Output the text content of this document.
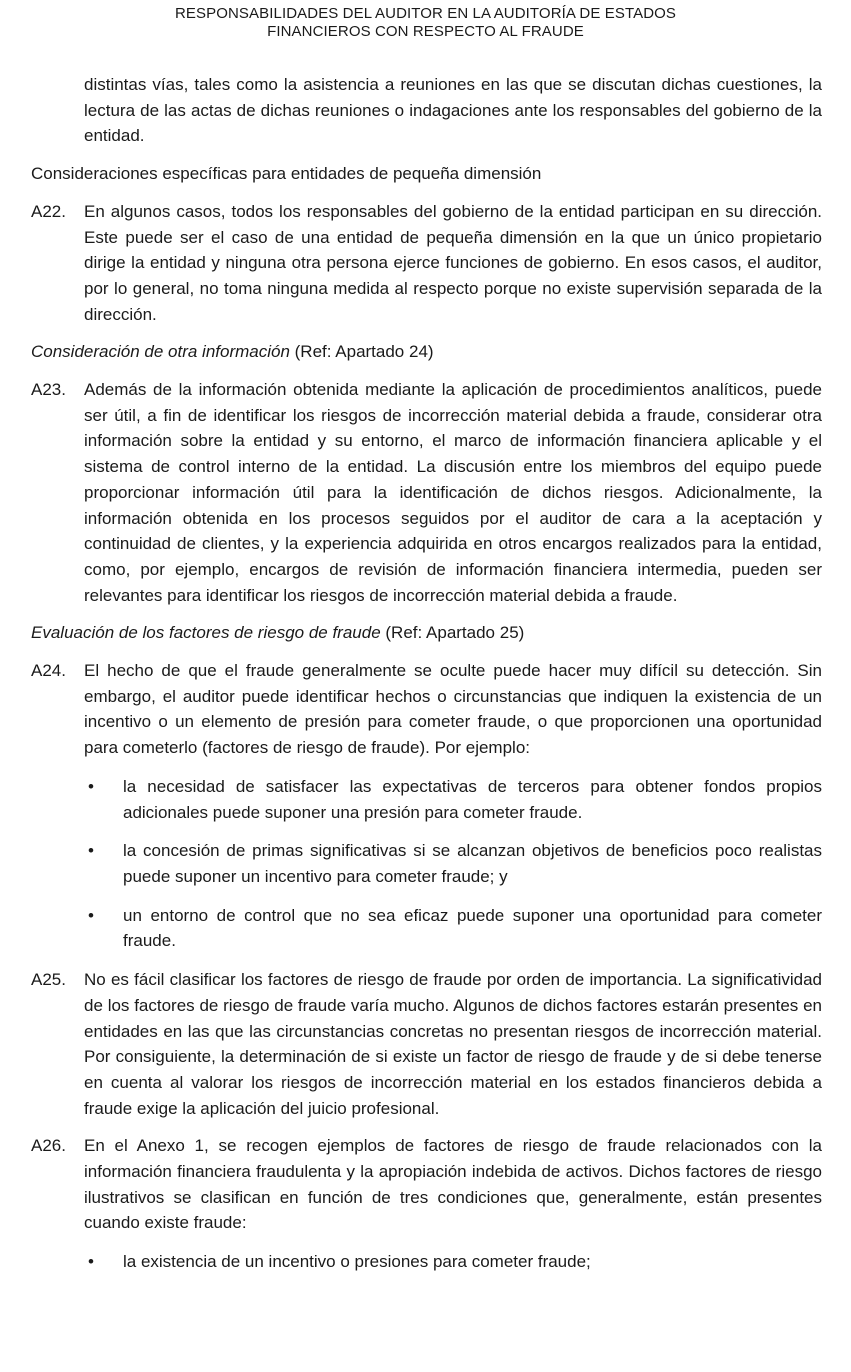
RESPONSABILIDADES DEL AUDITOR EN LA AUDITORÍA DE ESTADOS
FINANCIEROS CON RESPECTO AL FRAUDE

distintas vías, tales como la asistencia a reuniones en las que se discutan dichas cuestiones, la lectura de las actas de dichas reuniones o indagaciones ante los responsables del gobierno de la entidad.

Consideraciones específicas para entidades de pequeña dimensión

A22. En algunos casos, todos los responsables del gobierno de la entidad participan en su dirección. Este puede ser el caso de una entidad de pequeña dimensión en la que un único propietario dirige la entidad y ninguna otra persona ejerce funciones de gobierno. En esos casos, el auditor, por lo general, no toma ninguna medida al respecto porque no existe supervisión separada de la dirección.

Consideración de otra información (Ref: Apartado 24)

A23. Además de la información obtenida mediante la aplicación de procedimientos analíticos, puede ser útil, a fin de identificar los riesgos de incorrección material debida a fraude, considerar otra información sobre la entidad y su entorno, el marco de información financiera aplicable y el sistema de control interno de la entidad. La discusión entre los miembros del equipo puede proporcionar información útil para la identificación de dichos riesgos. Adicionalmente, la información obtenida en los procesos seguidos por el auditor de cara a la aceptación y continuidad de clientes, y la experiencia adquirida en otros encargos realizados para la entidad, como, por ejemplo, encargos de revisión de información financiera intermedia, pueden ser relevantes para identificar los riesgos de incorrección material debida a fraude.

Evaluación de los factores de riesgo de fraude (Ref: Apartado 25)

A24. El hecho de que el fraude generalmente se oculte puede hacer muy difícil su detección. Sin embargo, el auditor puede identificar hechos o circunstancias que indiquen la existencia de un incentivo o un elemento de presión para cometer fraude, o que proporcionen una oportunidad para cometerlo (factores de riesgo de fraude). Por ejemplo:
• la necesidad de satisfacer las expectativas de terceros para obtener fondos propios adicionales puede suponer una presión para cometer fraude.
• la concesión de primas significativas si se alcanzan objetivos de beneficios poco realistas puede suponer un incentivo para cometer fraude; y
• un entorno de control que no sea eficaz puede suponer una oportunidad para cometer fraude.
A25. No es fácil clasificar los factores de riesgo de fraude por orden de importancia. La significatividad de los factores de riesgo de fraude varía mucho. Algunos de dichos factores estarán presentes en entidades en las que las circunstancias concretas no presentan riesgos de incorrección material. Por consiguiente, la determinación de si existe un factor de riesgo de fraude y de si debe tenerse en cuenta al valorar los riesgos de incorrección material en los estados financieros debida a fraude exige la aplicación del juicio profesional.
A26. En el Anexo 1, se recogen ejemplos de factores de riesgo de fraude relacionados con la información financiera fraudulenta y la apropiación indebida de activos. Dichos factores de riesgo ilustrativos se clasifican en función de tres condiciones que, generalmente, están presentes cuando existe fraude:
• la existencia de un incentivo o presiones para cometer fraude;
